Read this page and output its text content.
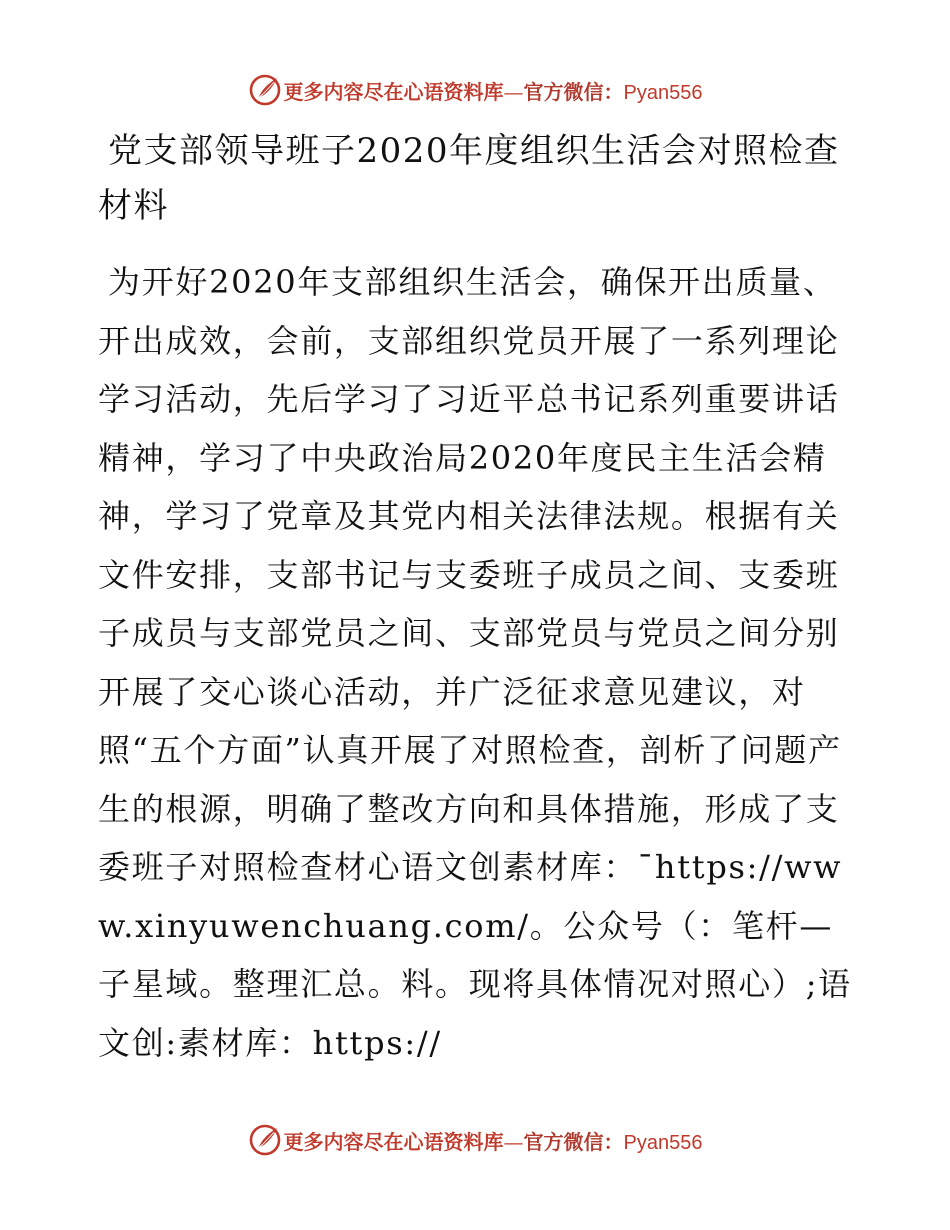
更多内容尽在心语资料库—官方微信：Pyan556
党支部领导班子2020年度组织生活会对照检查材料

为开好2020年支部组织生活会，确保开出质量、开出成效，会前，支部组织党员开展了一系列理论学习活动，先后学习了习近平总书记系列重要讲话精神，学习了中央政治局2020年度民主生活会精神，学习了党章及其党内相关法律法规。根据有关文件安排，支部书记与支委班子成员之间、支委班子成员与支部党员之间、支部党员与党员之间分别开展了交心谈心活动，并广泛征求意见建议，对照“五个方面”认真开展了对照检查，剖析了问题产生的根源，明确了整改方向和具体措施，形成了支委班子对照检查材心语文创素材库：¯https://www.xinyuwenchuang.com/。公众号（：笔杆—子星域。整理汇总。料。现将具体情况对照心）;语文创:素材库：https://

更多内容尽在心语资料库—官方微信：Pyan556
